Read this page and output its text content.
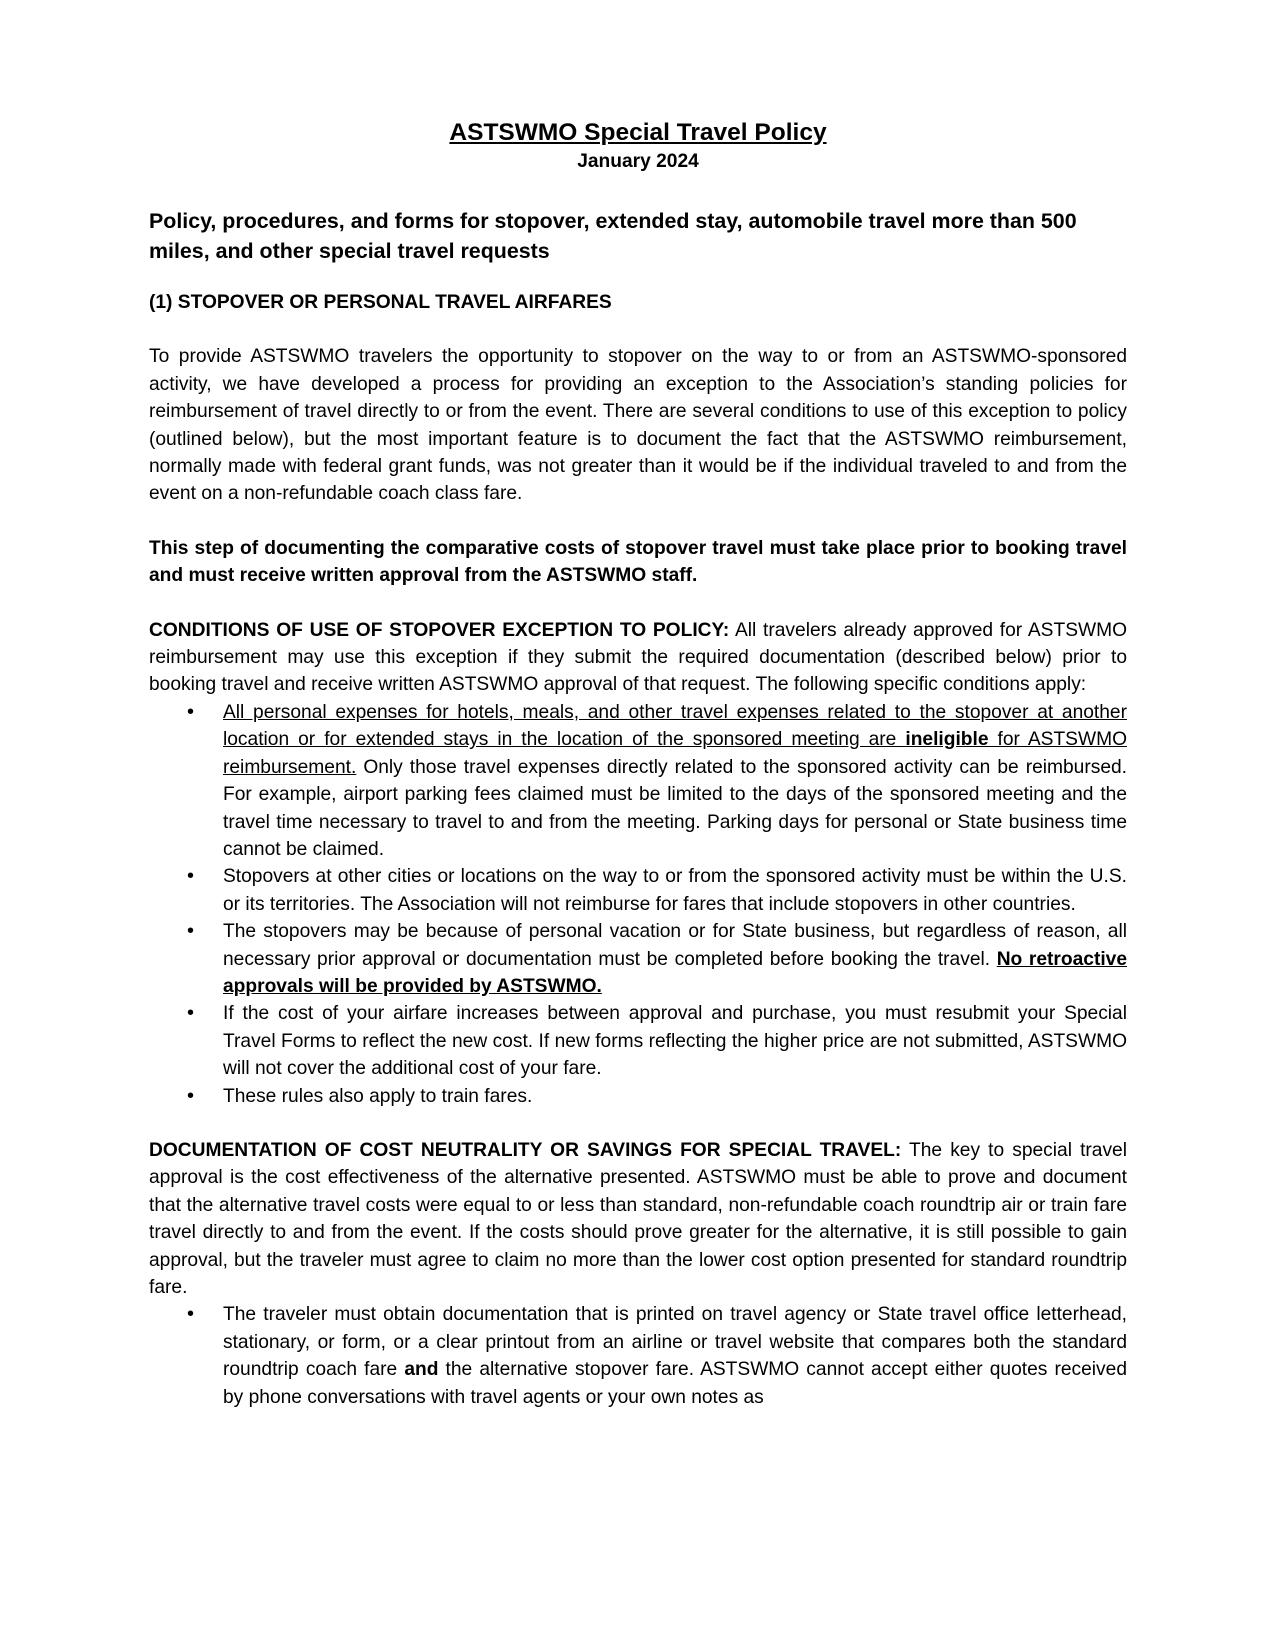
ASTSWMO Special Travel Policy
January 2024
Policy, procedures, and forms for stopover, extended stay, automobile travel more than 500 miles, and other special travel requests
(1) STOPOVER OR PERSONAL TRAVEL AIRFARES

To provide ASTSWMO travelers the opportunity to stopover on the way to or from an ASTSWMO-sponsored activity, we have developed a process for providing an exception to the Association’s standing policies for reimbursement of travel directly to or from the event. There are several conditions to use of this exception to policy (outlined below), but the most important feature is to document the fact that the ASTSWMO reimbursement, normally made with federal grant funds, was not greater than it would be if the individual traveled to and from the event on a non-refundable coach class fare.

This step of documenting the comparative costs of stopover travel must take place prior to booking travel and must receive written approval from the ASTSWMO staff.

CONDITIONS OF USE OF STOPOVER EXCEPTION TO POLICY: All travelers already approved for ASTSWMO reimbursement may use this exception if they submit the required documentation (described below) prior to booking travel and receive written ASTSWMO approval of that request. The following specific conditions apply:

• All personal expenses for hotels, meals, and other travel expenses related to the stopover at another location or for extended stays in the location of the sponsored meeting are ineligible for ASTSWMO reimbursement. Only those travel expenses directly related to the sponsored activity can be reimbursed. For example, airport parking fees claimed must be limited to the days of the sponsored meeting and the travel time necessary to travel to and from the meeting. Parking days for personal or State business time cannot be claimed.
• Stopovers at other cities or locations on the way to or from the sponsored activity must be within the U.S. or its territories. The Association will not reimburse for fares that include stopovers in other countries.
• The stopovers may be because of personal vacation or for State business, but regardless of reason, all necessary prior approval or documentation must be completed before booking the travel. No retroactive approvals will be provided by ASTSWMO.
• If the cost of your airfare increases between approval and purchase, you must resubmit your Special Travel Forms to reflect the new cost. If new forms reflecting the higher price are not submitted, ASTSWMO will not cover the additional cost of your fare.
• These rules also apply to train fares.

DOCUMENTATION OF COST NEUTRALITY OR SAVINGS FOR SPECIAL TRAVEL: The key to special travel approval is the cost effectiveness of the alternative presented. ASTSWMO must be able to prove and document that the alternative travel costs were equal to or less than standard, non-refundable coach roundtrip air or train fare travel directly to and from the event. If the costs should prove greater for the alternative, it is still possible to gain approval, but the traveler must agree to claim no more than the lower cost option presented for standard roundtrip fare.

• The traveler must obtain documentation that is printed on travel agency or State travel office letterhead, stationary, or form, or a clear printout from an airline or travel website that compares both the standard roundtrip coach fare and the alternative stopover fare. ASTSWMO cannot accept either quotes received by phone conversations with travel agents or your own notes as
